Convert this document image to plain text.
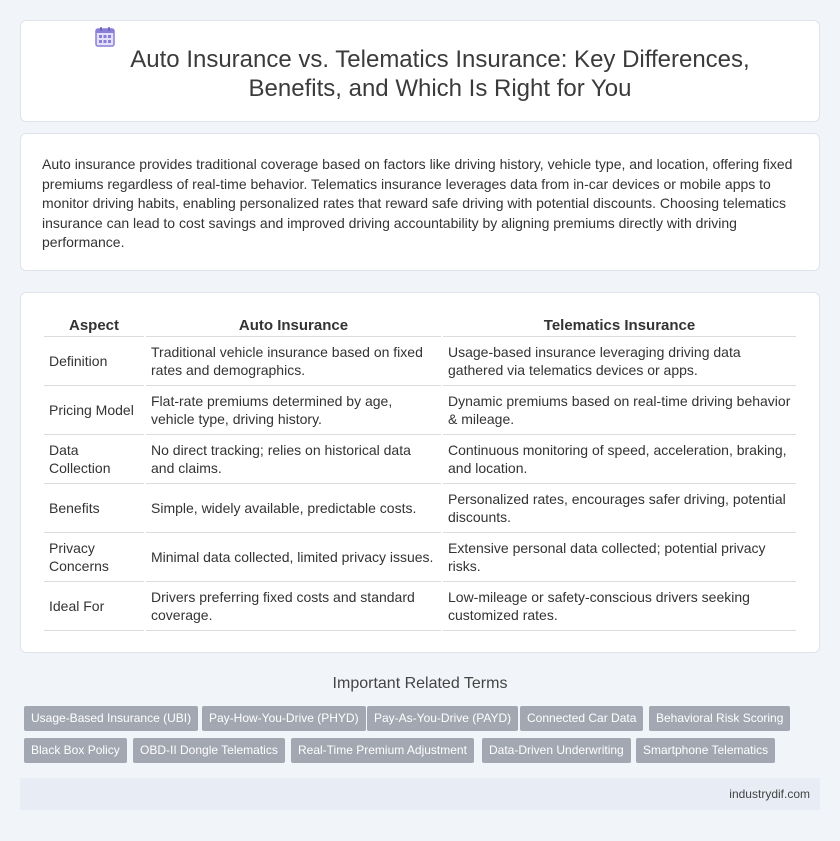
Auto Insurance vs. Telematics Insurance: Key Differences, Benefits, and Which Is Right for You

Auto insurance provides traditional coverage based on factors like driving history, vehicle type, and location, offering fixed premiums regardless of real-time behavior. Telematics insurance leverages data from in-car devices or mobile apps to monitor driving habits, enabling personalized rates that reward safe driving with potential discounts. Choosing telematics insurance can lead to cost savings and improved driving accountability by aligning premiums directly with driving performance.

Aspect	Auto Insurance	Telematics Insurance
Definition	Traditional vehicle insurance based on fixed rates and demographics.	Usage-based insurance leveraging driving data gathered via telematics devices or apps.
Pricing Model	Flat-rate premiums determined by age, vehicle type, driving history.	Dynamic premiums based on real-time driving behavior & mileage.
Data Collection	No direct tracking; relies on historical data and claims.	Continuous monitoring of speed, acceleration, braking, and location.
Benefits	Simple, widely available, predictable costs.	Personalized rates, encourages safer driving, potential discounts.
Privacy Concerns	Minimal data collected, limited privacy issues.	Extensive personal data collected; potential privacy risks.
Ideal For	Drivers preferring fixed costs and standard coverage.	Low-mileage or safety-conscious drivers seeking customized rates.
Important Related Terms
Usage-Based Insurance (UBI)	Pay-How-You-Drive (PHYD)	Pay-As-You-Drive (PAYD)	Connected Car Data	Behavioral Risk Scoring
Black Box Policy	OBD-II Dongle Telematics	Real-Time Premium Adjustment	Data-Driven Underwriting	Smartphone Telematics
industrydif.com
